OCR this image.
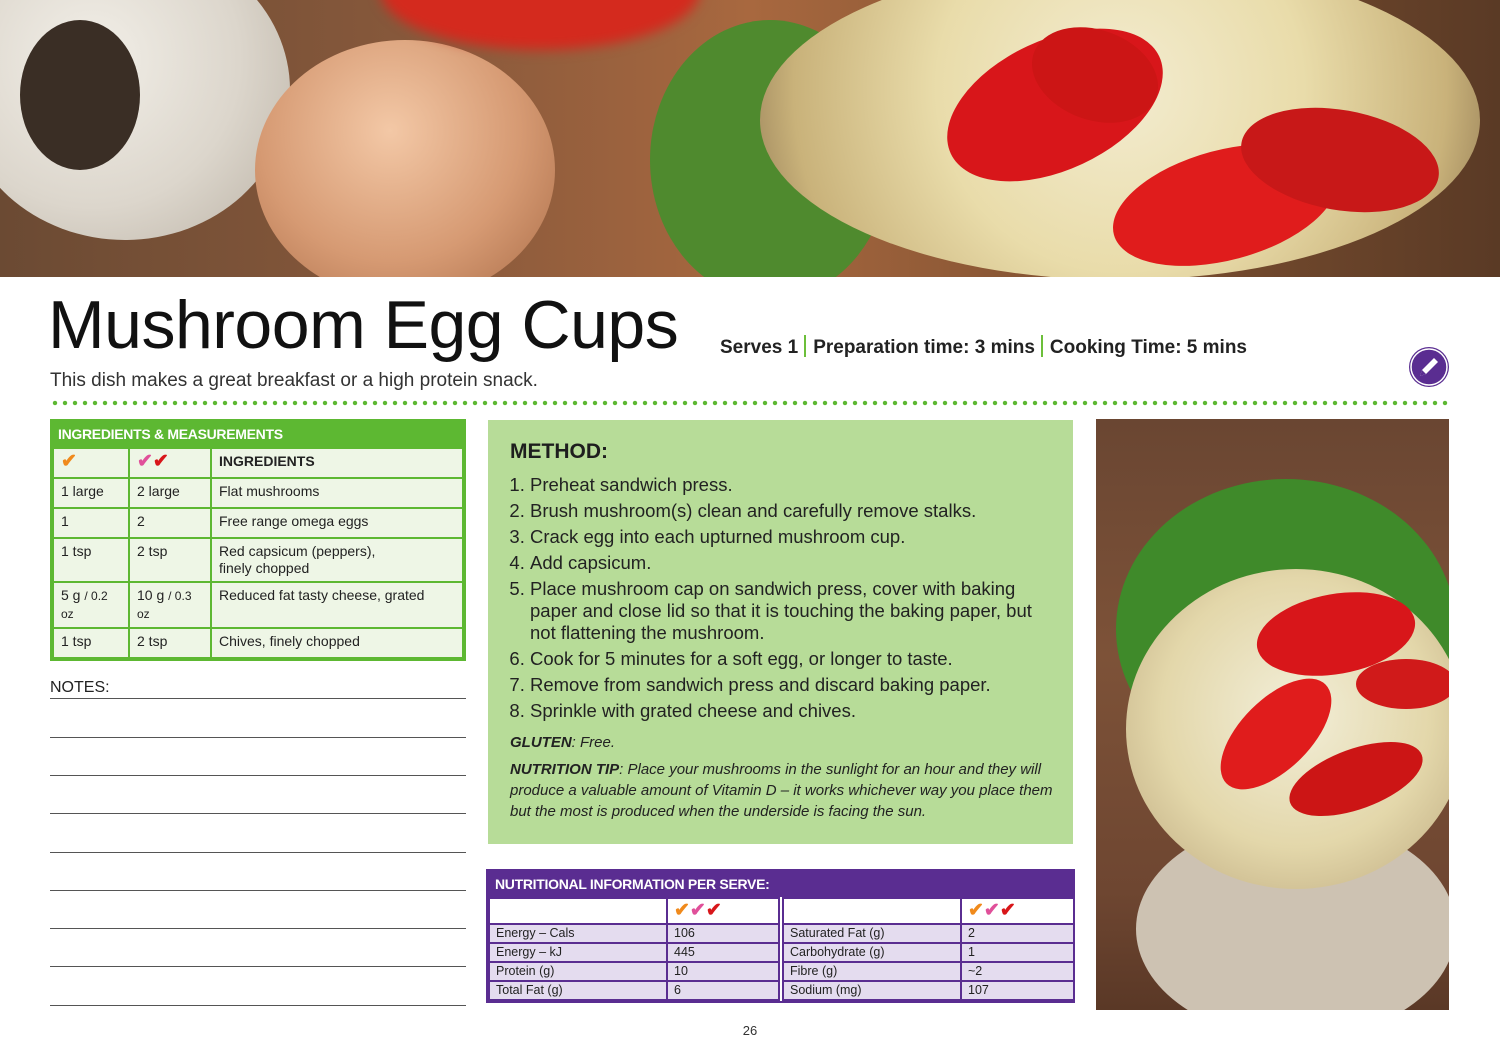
Mushroom Egg Cups Serves 1 Preparation time: 3 mins Cooking Time: 5 mins
This dish makes a great breakfast or a high protein snack.
INGREDIENTS & MEASUREMENTS
✔	✔✔	INGREDIENTS
1 large	2 large	Flat mushrooms
1	2	Free range omega eggs
1 tsp	2 tsp	Red capsicum (peppers),
finely chopped
5 g / 0.2 oz	10 g / 0.3 oz	Reduced fat tasty cheese, grated
1 tsp	2 tsp	Chives, finely chopped
NOTES:
METHOD:
1. Preheat sandwich press.
2. Brush mushroom(s) clean and carefully remove stalks.
3. Crack egg into each upturned mushroom cup.
4. Add capsicum.
5. Place mushroom cap on sandwich press, cover with baking paper and close lid so that it is touching the baking paper, but not flattening the mushroom.
6. Cook for 5 minutes for a soft egg, or longer to taste.
7. Remove from sandwich press and discard baking paper.
8. Sprinkle with grated cheese and chives.
GLUTEN: Free.
NUTRITION TIP: Place your mushrooms in the sunlight for an hour and they will produce a valuable amount of Vitamin D – it works whichever way you place them but the most is produced when the underside is facing the sun.
NUTRITIONAL INFORMATION PER SERVE:
	✔✔✔			✔✔✔
Energy – Cals	106		Saturated Fat (g)	2
Energy – kJ	445		Carbohydrate (g)	1
Protein (g)	10		Fibre (g)	~2
Total Fat (g)	6		Sodium (mg)	107
26
